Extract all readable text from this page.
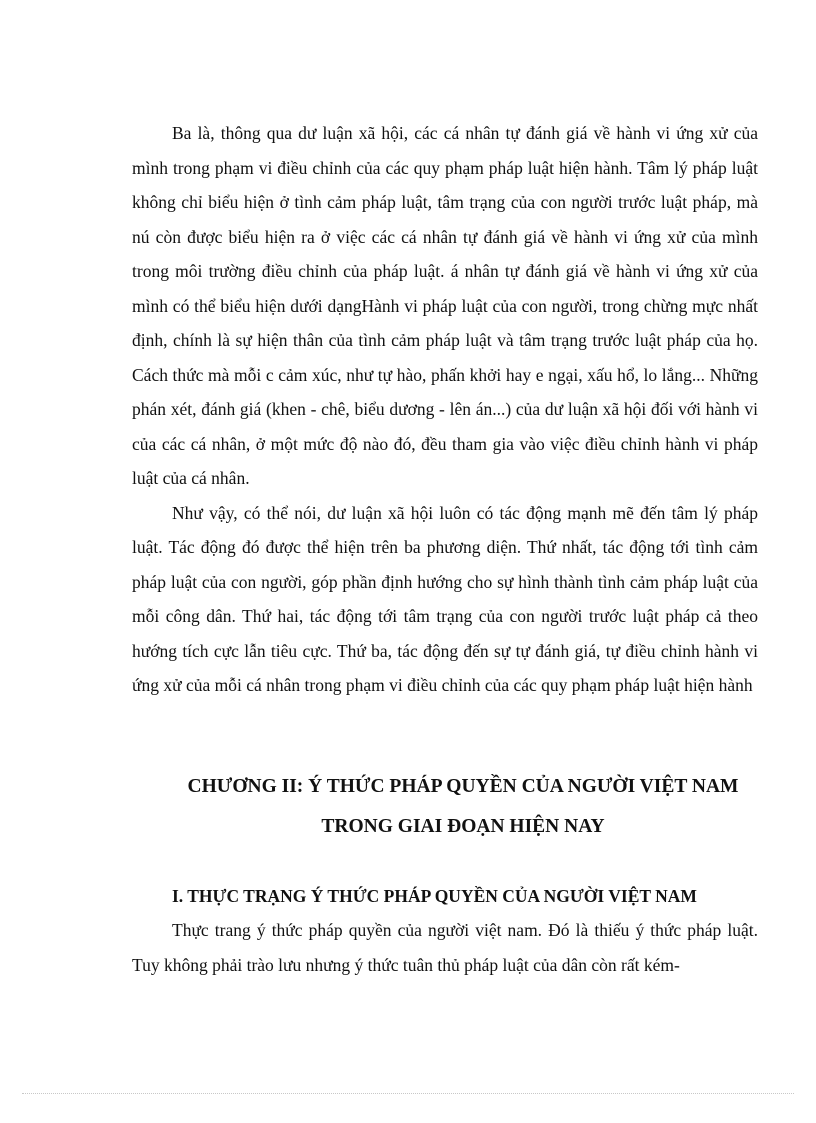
Ba là, thông qua dư luận xã hội, các cá nhân tự đánh giá về hành vi ứng xử của mình trong phạm vi điều chỉnh của các quy phạm pháp luật hiện hành. Tâm lý pháp luật không chỉ biểu hiện ở tình cảm pháp luật, tâm trạng của con người trước luật pháp, mà nú còn được biểu hiện ra ở việc các cá nhân tự đánh giá về hành vi ứng xử của mình trong môi trường điều chỉnh của pháp luật. á nhân tự đánh giá về hành vi ứng xử của mình có thể biểu hiện dưới dạngHành vi pháp luật của con người, trong chừng mực nhất định, chính là sự hiện thân của tình cảm pháp luật và tâm trạng trước luật pháp của họ. Cách thức mà mỗi c cảm xúc, như tự hào, phấn khởi hay e ngại, xấu hổ, lo lắng... Những phán xét, đánh giá (khen - chê, biểu dương - lên án...) của dư luận xã hội đối với hành vi của các cá nhân, ở một mức độ nào đó, đều tham gia vào việc điều chỉnh hành vi pháp luật của cá nhân.

Như vậy, có thể nói, dư luận xã hội luôn có tác động mạnh mẽ đến tâm lý pháp luật. Tác động đó được thể hiện trên ba phương diện. Thứ nhất, tác động tới tình cảm pháp luật của con người, góp phần định hướng cho sự hình thành tình cảm pháp luật của mỗi công dân. Thứ hai, tác động tới tâm trạng của con người trước luật pháp cả theo hướng tích cực lẫn tiêu cực. Thứ ba, tác động đến sự tự đánh giá, tự điều chỉnh hành vi ứng xử của mỗi cá nhân trong phạm vi điều chỉnh của các quy phạm pháp luật hiện hành

CHƯƠNG II: Ý THỨC PHÁP QUYỀN CỦA NGƯỜI VIỆT NAM TRONG GIAI ĐOẠN HIỆN NAY
I. THỰC TRẠNG Ý THỨC PHÁP QUYỀN CỦA NGƯỜI VIỆT NAM

Thực trang ý thức pháp quyền của người việt nam. Đó là thiếu ý thức pháp luật. Tuy không phải trào lưu nhưng ý thức tuân thủ pháp luật của dân còn rất kém-
